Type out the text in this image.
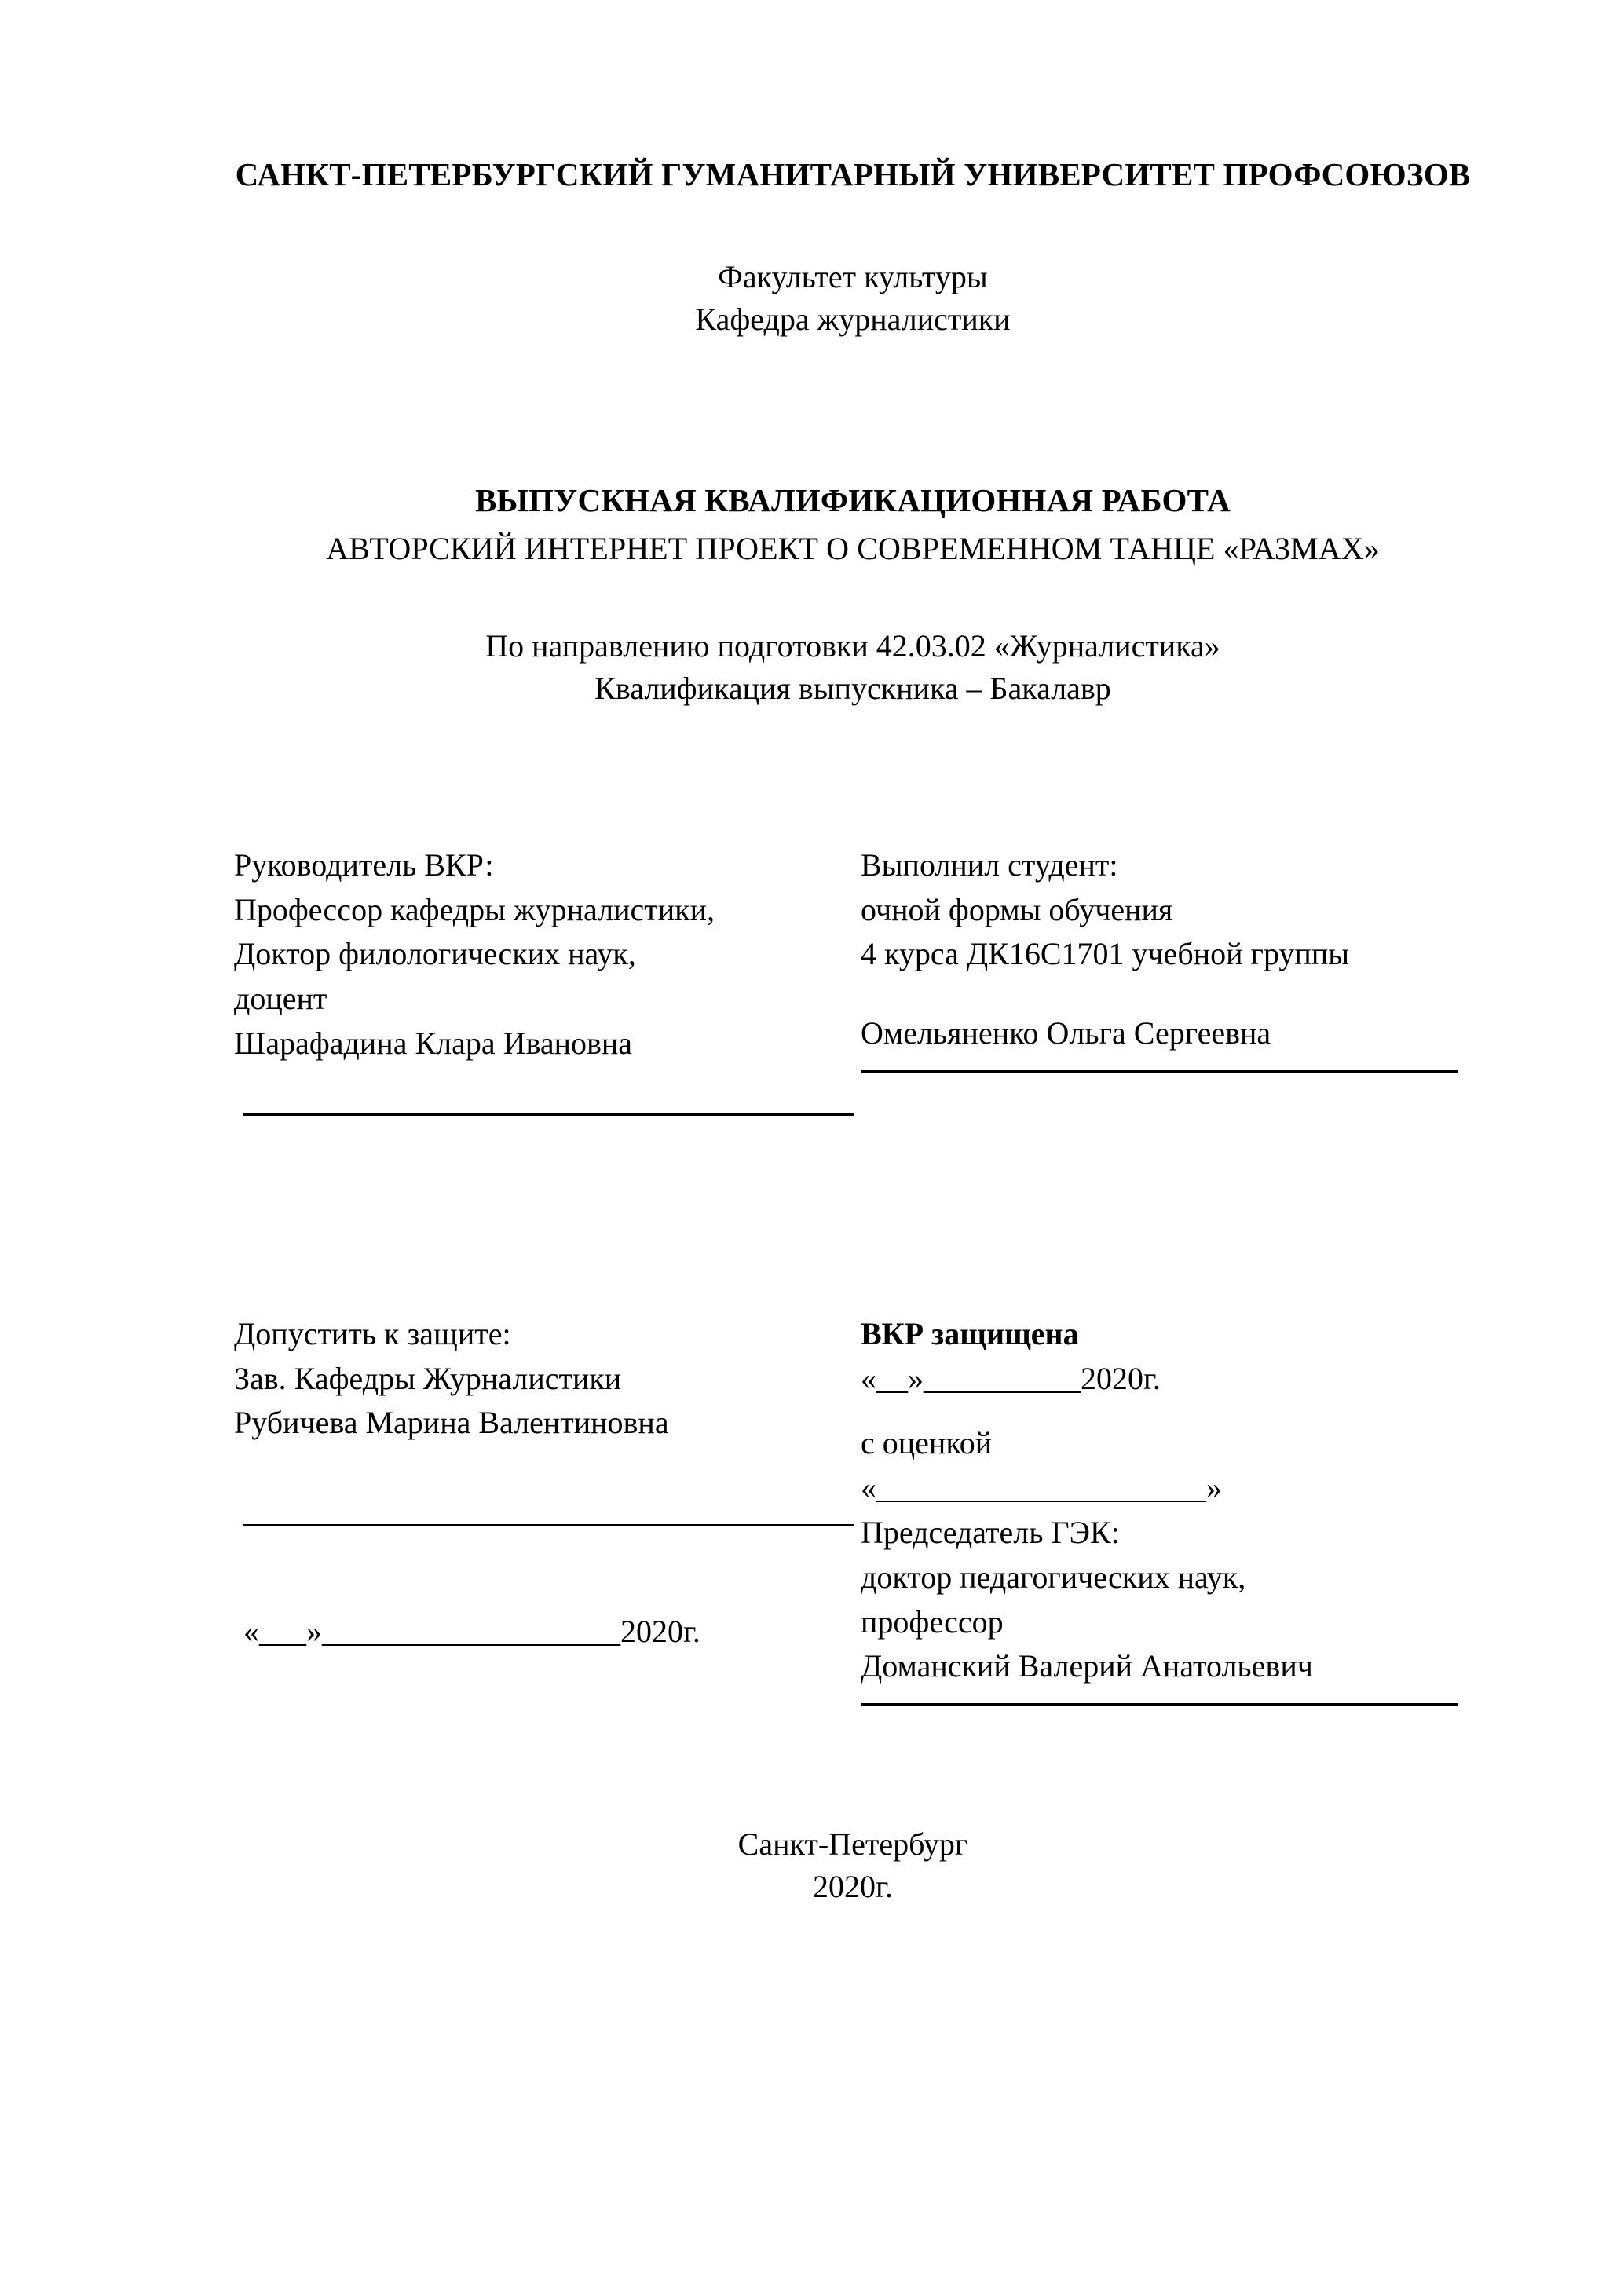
САНКТ-ПЕТЕРБУРГСКИЙ ГУМАНИТАРНЫЙ УНИВЕРСИТЕТ ПРОФСОЮЗОВ
Факультет культуры
Кафедра журналистики
ВЫПУСКНАЯ КВАЛИФИКАЦИОННАЯ РАБОТА
АВТОРСКИЙ ИНТЕРНЕТ ПРОЕКТ О СОВРЕМЕННОМ ТАНЦЕ «РАЗМАХ»
По направлению подготовки 42.03.02 «Журналистика»
Квалификация выпускника – Бакалавр
Руководитель ВКР:
Профессор кафедры журналистики,
Доктор филологических наук,
доцент
Шарафадина Клара Ивановна
Выполнил студент:
очной формы обучения
4 курса ДК16С1701 учебной группы
Омельяненко Ольга Сергеевна
Допустить к защите:
Зав. Кафедры Журналистики
Рубичева Марина Валентиновна
«___»___________________2020г.
ВКР защищена
«__»__________2020г.
с оценкой
«_____________________»
Председатель ГЭК:
доктор педагогических наук,
профессор
Доманский Валерий Анатольевич
Санкт-Петербург
2020г.
